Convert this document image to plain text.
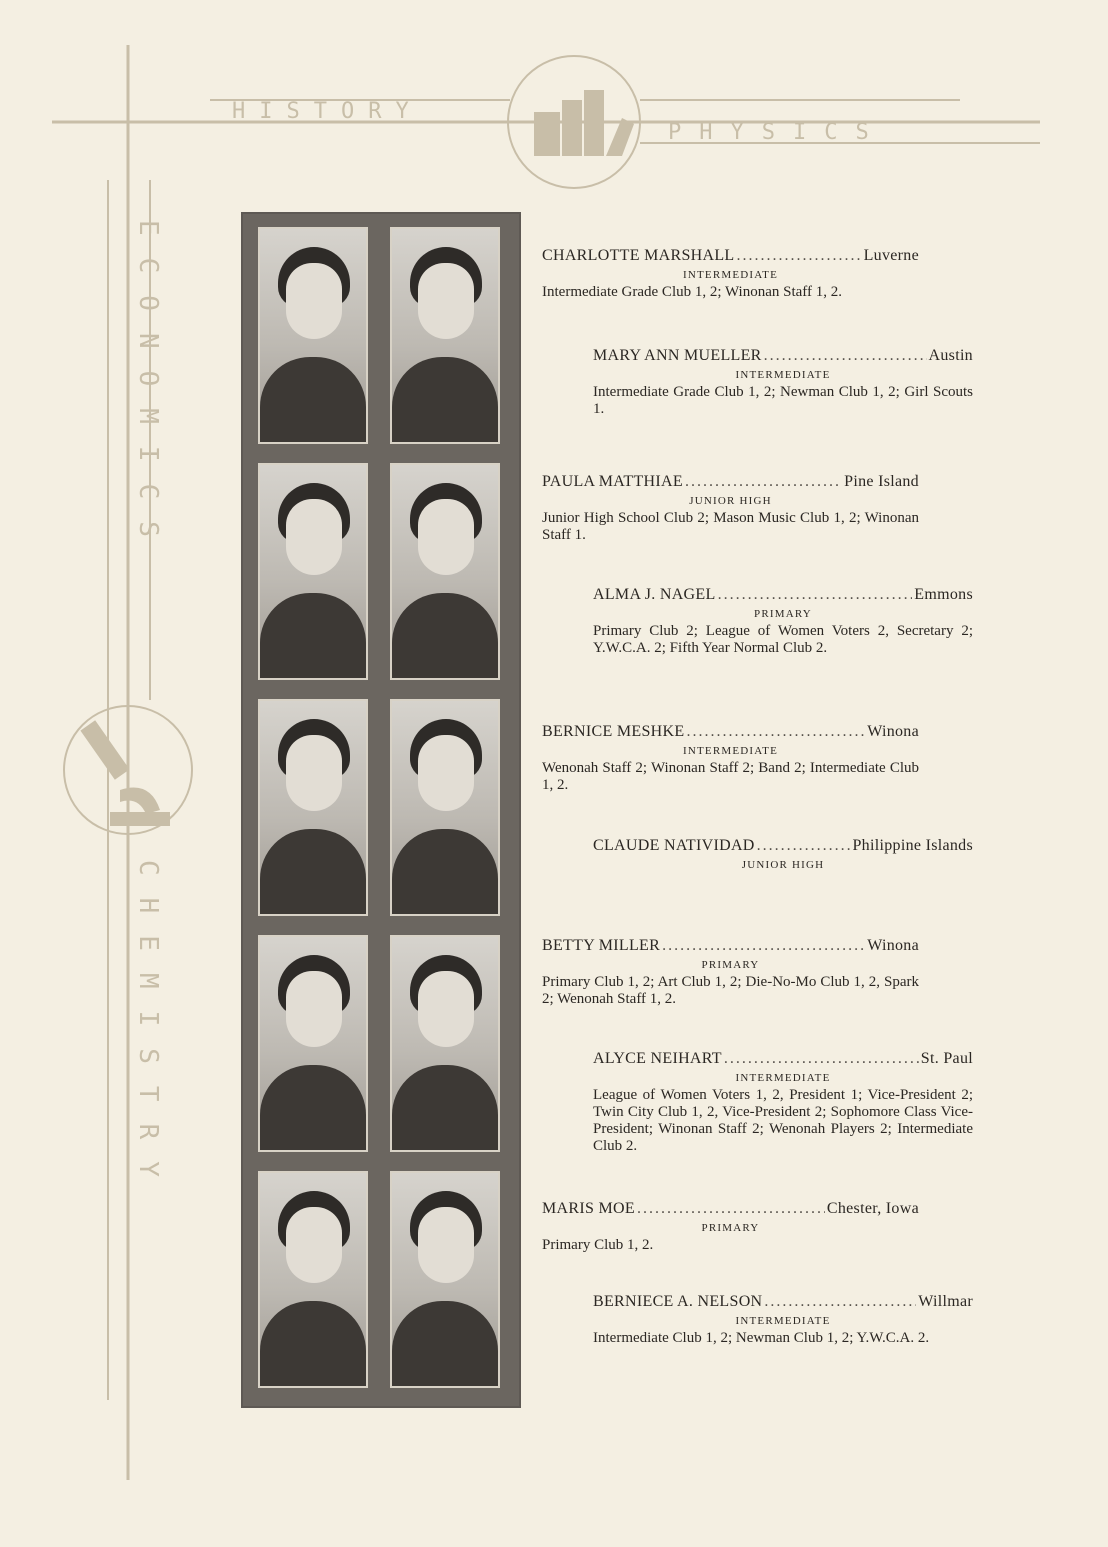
HISTORY
PHYSICS
ECONOMICS
CHEMISTRY
CHARLOTTE MARSHALL .....	Luverne
INTERMEDIATE
Intermediate Grade Club 1, 2; Winonan Staff 1, 2.
MARY ANN MUELLER .....	Austin
INTERMEDIATE
Intermediate Grade Club 1, 2; Newman Club 1, 2; Girl Scouts 1.
PAULA MATTHIAE .....	Pine Island
JUNIOR HIGH
Junior High School Club 2; Mason Music Club 1, 2; Winonan Staff 1.
ALMA J. NAGEL .....	Emmons
PRIMARY
Primary Club 2; League of Women Voters 2, Secretary 2; Y.W.C.A. 2; Fifth Year Normal Club 2.
BERNICE MESHKE .....	Winona
INTERMEDIATE
Wenonah Staff 2; Winonan Staff 2; Band 2; Intermediate Club 1, 2.
CLAUDE NATIVIDAD .....	Philippine Islands
JUNIOR HIGH
BETTY MILLER .....	Winona
PRIMARY
Primary Club 1, 2; Art Club 1, 2; Die-No-Mo Club 1, 2, Spark 2; Wenonah Staff 1, 2.
ALYCE NEIHART .....	St. Paul
INTERMEDIATE
League of Women Voters 1, 2, President 1; Vice-President 2; Twin City Club 1, 2, Vice-President 2; Sophomore Class Vice-President; Winonan Staff 2; Wenonah Players 2; Intermediate Club 2.
MARIS MOE .....	Chester, Iowa
PRIMARY
Primary Club 1, 2.
BERNIECE A. NELSON .....	Willmar
INTERMEDIATE
Intermediate Club 1, 2; Newman Club 1, 2; Y.W.C.A. 2.
